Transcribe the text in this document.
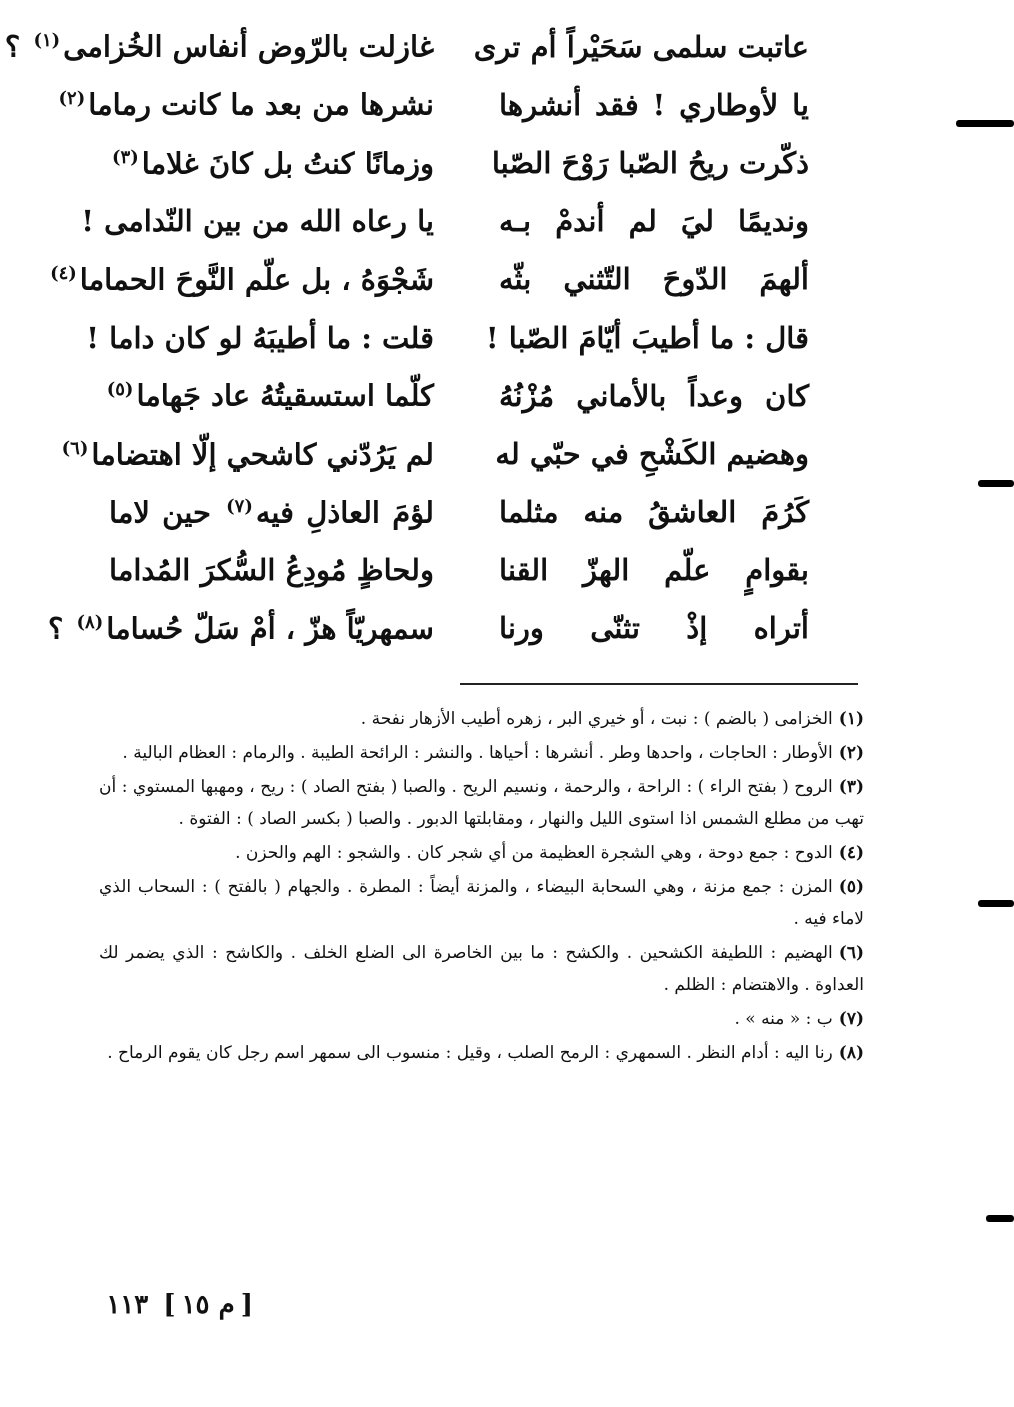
عاتبت سلمى سَحَيْراً أم ترى
غازلت بالرّوض أنفاس الخُزامى$^{(١)}$ ؟
يا لأوطاري ! فقد أنشرها
نشرها من بعد ما كانت رماما$^{(٢)}$
ذكّرت ريحُ الصّبا رَوْحَ الصّبا
وزمانًا كنتُ بل كانَ غلاما$^{(٣)}$
ونديمًا ليَ لم أندمْ بـه
يا رعاه الله من بين النّدامى !
ألهمَ الدّوحَ التّثني بثّه
شَجْوَهُ ، بل علّم النَّوحَ الحماما$^{(٤)}$
قال : ما أطيبَ أيّامَ الصّبا !
قلت : ما أطيبَهُ لو كان داما !
كان وعداً بالأماني مُزْنُهُ
كلّما استسقيتُهُ عاد جَهاما$^{(٥)}$
وهضيم الكَشْحِ في حبّي له
لم يَرُدّني كاشحي إلّا اهتضاما$^{(٦)}$
كَرُمَ العاشقُ منه مثلما
لؤمَ العاذلِ فيه$^{(٧)}$ حين لاما
بقوامٍ علّم الهزّ القنا
ولحاظٍ مُودِعُ السُّكرَ المُداما
أتراه إذْ تثنّى ورنا
سمهريّاً هزّ ، أمْ سَلّ حُساما$^{(٨)}$ ؟
(١)الخزامى ( بالضم ) : نبت ، أو خيري البر ، زهره أطيب الأزهار نفحة .
(٢)الأوطار : الحاجات ، واحدها وطر . أنشرها : أحياها . والنشر : الرائحة الطيبة . والرمام : العظام البالية .
(٣)الروح ( بفتح الراء ) : الراحة ، والرحمة ، ونسيم الريح . والصبا ( بفتح الصاد ) : ريح ، ومهبها المستوي : أن تهب من مطلع الشمس اذا استوى الليل والنهار ، ومقابلتها الدبور . والصبا ( بكسر الصاد ) : الفتوة .
(٤)الدوح : جمع دوحة ، وهي الشجرة العظيمة من أي شجر كان . والشجو : الهم والحزن .
(٥)المزن : جمع مزنة ، وهي السحابة البيضاء ، والمزنة أيضاً : المطرة . والجهام ( بالفتح ) : السحاب الذي لاماء فيه .
(٦)الهضيم : اللطيفة الكشحين . والكشح : ما بين الخاصرة الى الضلع الخلف . والكاشح : الذي يضمر لك العداوة . والاهتضام : الظلم .
(٧)ب : « منه » .
(٨)رنا اليه : أدام النظر . السمهري : الرمح الصلب ، وقيل : منسوب الى سمهر اسم رجل كان يقوم الرماح .
[م ١٥] ١١٣
